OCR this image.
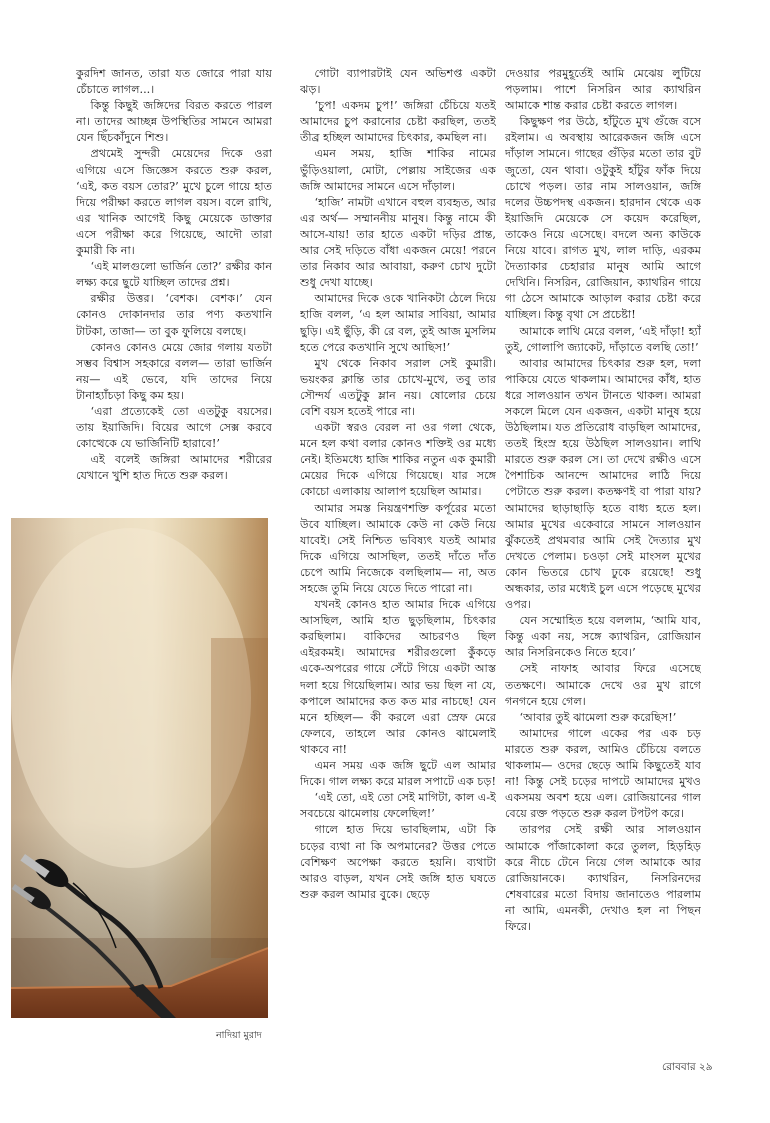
কুরদিশ জানত, তারা যত জোরে পারা যায় চেঁচাতে লাগল...।

কিন্তু কিছুই জঙ্গিদের বিরত করতে পারল না। তাদের আচ্ছন্ন উপস্থিতির সামনে আমরা যেন ছিঁচকাঁদুনে শিশু।

প্রথমেই সুন্দরী মেয়েদের দিকে ওরা এগিয়ে এসে জিজ্ঞেস করতে শুরু করল, ‘এই, কত বয়স তোর?’ মুখে চুলে গায়ে হাত দিয়ে পরীক্ষা করতে লাগল বয়স। বলে রাখি, এর খানিক আগেই কিছু মেয়েকে ডাক্তার এসে পরীক্ষা করে গিয়েছে, আদৌ তারা কুমারী কি না।

‘এই মালগুলো ভার্জিন তো?’ রক্ষীর কান লক্ষ্য করে ছুটে যাচ্ছিল তাদের প্রশ্ন।

রক্ষীর উত্তর। ‘বেশক। বেশক।’ যেন কোনও দোকানদার তার পণ্য কতখানি টাটকা, তাজা— তা বুক ফুলিয়ে বলছে।

কোনও কোনও মেয়ে জোর গলায় যতটা সম্ভব বিশ্বাস সহকারে বলল— তারা ভার্জিন নয়— এই ভেবে, যদি তাদের নিয়ে টানাহ্যাঁচড়া কিছু কম হয়।

‘এরা প্রত্যেকেই তো এতটুকু বয়সের। তায় ইয়াজিদি। বিয়ের আগে সেক্স করবে কোত্থেকে যে ভার্জিনিটি হারাবে!’

এই বলেই জঙ্গিরা আমাদের শরীরের যেখানে খুশি হাত দিতে শুরু করল।

গোটা ব্যাপারটাই যেন অভিশপ্ত একটা ঝড়।

‘চুপ! একদম চুপ!’ জঙ্গিরা চেঁচিয়ে যতই আমাদের চুপ করানোর চেষ্টা করছিল, ততই তীব্র হচ্ছিল আমাদের চিৎকার, কমছিল না।

এমন সময়, হাজি শাকির নামের ভুঁড়িওয়ালা, মোটা, পেল্লায় সাইজের এক জঙ্গি আমাদের সামনে এসে দাঁড়াল।

‘হাজি’ নামটা এখানে বহুল ব্যবহৃত, আর এর অর্থ— সম্মাননীয় মানুষ। কিন্তু নামে কী আসে-যায়! তার হাতে একটা দড়ির প্রান্ত, আর সেই দড়িতে বাঁধা একজন মেয়ে! পরনে তার নিকাব আর আবায়া, করুণ চোখ দুটো শুধু দেখা যাচ্ছে।

আমাদের দিকে ওকে খানিকটা ঠেলে দিয়ে হাজি বলল, ‘এ হল আমার সাবিয়া, আমার ছুড়ি। এই ছুঁড়ি, কী রে বল, তুই আজ মুসলিম হতে পেরে কতখানি সুখে আছিস!’

মুখ থেকে নিকাব সরাল সেই কুমারী। ভয়ংকর ক্লান্তি তার চোখে-মুখে, তবু তার সৌন্দর্য এতটুকু ম্লান নয়। ষোলোর চেয়ে বেশি বয়স হতেই পারে না।

একটা স্বরও বেরল না ওর গলা থেকে, মনে হল কথা বলার কোনও শক্তিই ওর মধ্যে নেই। ইতিমধ্যে হাজি শাকির নতুন এক কুমারী মেয়ের দিকে এগিয়ে গিয়েছে। যার সঙ্গে কোচো এলাকায় আলাপ হয়েছিল আমার।

আমার সমস্ত নিয়ন্ত্রণশক্তি কর্পূরের মতো উবে যাচ্ছিল। আমাকে কেউ না কেউ নিয়ে যাবেই। সেই নিশ্চিত ভবিষ্যৎ যতই আমার দিকে এগিয়ে আসছিল, ততই দাঁতে দাঁত চেপে আমি নিজেকে বলছিলাম— না, অত সহজে তুমি নিয়ে যেতে দিতে পারো না।

যখনই কোনও হাত আমার দিকে এগিয়ে আসছিল, আমি হাত ছুড়ছিলাম, চিৎকার করছিলাম। বাকিদের আচরণও ছিল এইরকমই। আমাদের শরীরগুলো কুঁকড়ে একে-অপরের গায়ে সেঁটে গিয়ে একটা আস্ত দলা হয়ে গিয়েছিলাম। আর ভয় ছিল না যে, কপালে আমাদের কত কত মার নাচছে! যেন মনে হচ্ছিল— কী করলে এরা স্রেফ মেরে ফেলবে, তাহলে আর কোনও ঝামেলাই থাকবে না!

এমন সময় এক জঙ্গি ছুটে এল আমার দিকে। গাল লক্ষ্য করে মারল সপাটে এক চড়!

‘এই তো, এই তো সেই মাগিটা, কাল এ-ই সবচেয়ে ঝামেলায় ফেলেছিল!’

গালে হাত দিয়ে ভাবছিলাম, এটা কি চড়ের ব্যথা না কি অপমানের? উত্তর পেতে বেশিক্ষণ অপেক্ষা করতে হয়নি। ব্যথাটা আরও বাড়ল, যখন সেই জঙ্গি হাত ঘষতে শুরু করল আমার বুকে। ছেড়ে

দেওয়ার পরমুহূর্তেই আমি মেঝেয় লুটিয়ে পড়লাম। পাশে নিসরিন আর ক্যাথরিন আমাকে শান্ত করার চেষ্টা করতে লাগল।

কিছুক্ষণ পর উঠে, হাঁটুতে মুখ গুঁজে বসে রইলাম। এ অবস্থায় আরেকজন জঙ্গি এসে দাঁড়াল সামনে। গাছের গুঁড়ির মতো তার বুট জুতো, যেন থাবা। ওটুকুই হাঁটুর ফাঁক দিয়ে চোখে পড়ল। তার নাম সালওয়ান, জঙ্গি দলের উচ্চপদস্থ একজন। হারদান থেকে এক ইয়াজিদি মেয়েকে সে কয়েদ করেছিল, তাকেও নিয়ে এসেছে। বদলে অন্য কাউকে নিয়ে যাবে। রাগত মুখ, লাল দাড়ি, এরকম দৈত্যাকার চেহারার মানুষ আমি আগে দেখিনি। নিসরিন, রোজিয়ান, ক্যাথরিন গায়ে গা ঠেসে আমাকে আড়াল করার চেষ্টা করে যাচ্ছিল। কিন্তু বৃথা সে প্রচেষ্টা!

আমাকে লাথি মেরে বলল, ‘এই দাঁড়া! হ্যাঁ তুই, গোলাপি জ্যাকেট, দাঁড়াতে বলছি তো!’

আবার আমাদের চিৎকার শুরু হল, দলা পাকিয়ে যেতে থাকলাম। আমাদের কাঁধ, হাত ধরে সালওয়ান তখন টানতে থাকল। আমরা সকলে মিলে যেন একজন, একটা মানুষ হয়ে উঠছিলাম। যত প্রতিরোধ বাড়ছিল আমাদের, ততই হিংস্র হয়ে উঠছিল সালওয়ান। লাথি মারতে শুরু করল সে। তা দেখে রক্ষীও এসে পৈশাচিক আনন্দে আমাদের লাঠি দিয়ে পেটাতে শুরু করল। কতক্ষণই বা পারা যায়? আমাদের ছাড়াছাড়ি হতে বাধ্য হতে হল। আমার মুখের একেবারে সামনে সালওয়ান ঝুঁকতেই প্রথমবার আমি সেই দৈত্যার মুখ দেখতে পেলাম। চওড়া সেই মাংসল মুখের কোন ভিতরে চোখ ঢুকে রয়েছে! শুধু অন্ধকার, তার মধ্যেই চুল এসে পড়েছে মুখের ওপর।

যেন সম্মোহিত হয়ে বললাম, ‘আমি যাব, কিন্তু একা নয়, সঙ্গে ক্যাথরিন, রোজিয়ান আর নিসরিনকেও নিতে হবে।’

সেই নাফাহ আবার ফিরে এসেছে ততক্ষণে। আমাকে দেখে ওর মুখ রাগে গনগনে হয়ে গেল।

‘আবার তুই ঝামেলা শুরু করেছিস!’

আমাদের গালে একের পর এক চড় মারতে শুরু করল, আমিও চেঁচিয়ে বলতে থাকলাম— ওদের ছেড়ে আমি কিছুতেই যাব না! কিন্তু সেই চড়ের দাপটে আমাদের মুখও একসময় অবশ হয়ে এল। রোজিয়ানের গাল বেয়ে রক্ত পড়তে শুরু করল টপটপ করে।

তারপর সেই রক্ষী আর সালওয়ান আমাকে পাঁজাকোলা করে তুলল, হিড়হিড় করে নীচে টেনে নিয়ে গেল আমাকে আর রোজিয়ানকে। ক্যাথরিন, নিসরিনদের শেষবারের মতো বিদায় জানাতেও পারলাম না আমি, এমনকী, দেখাও হল না পিছন ফিরে।

নাদিয়া মুরাদ
রোববার ২৯
